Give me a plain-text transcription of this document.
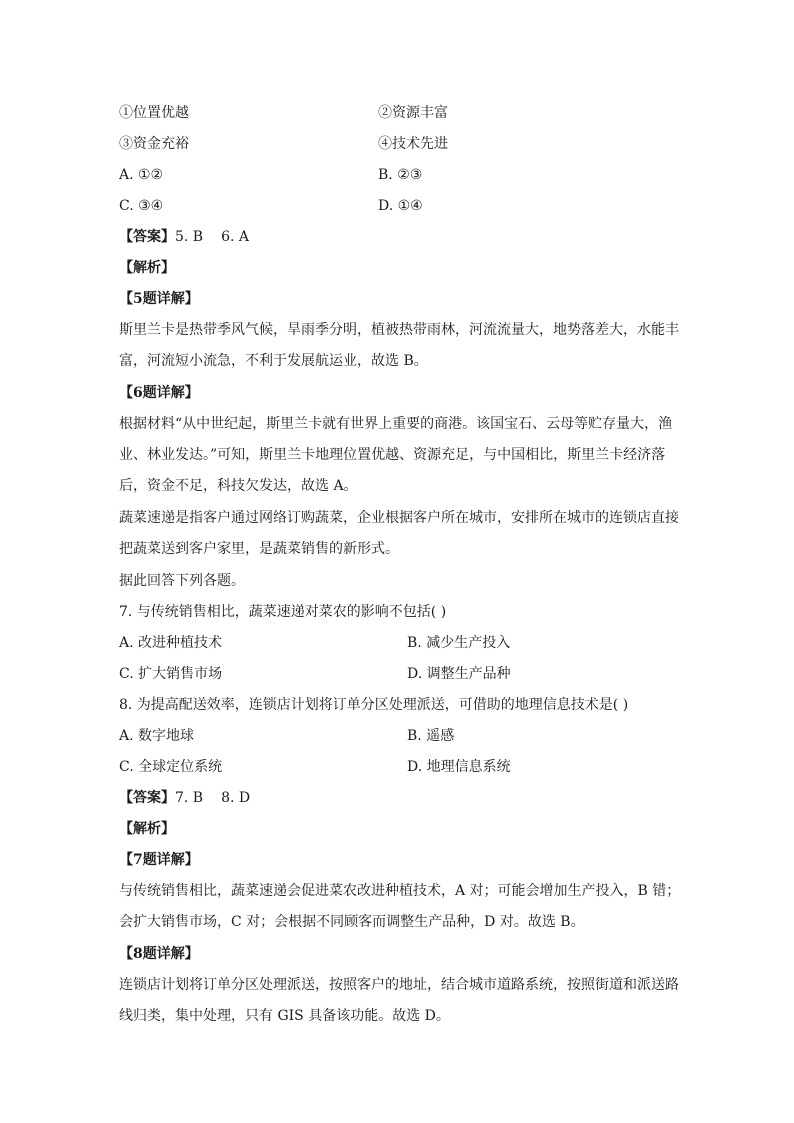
①位置优越	②资源丰富
③资金充裕	④技术先进
A. ①②	B. ②③
C. ③④	D. ①④
【答案】5. B 6. A
【解析】
【5题详解】
斯里兰卡是热带季风气候，旱雨季分明，植被热带雨林，河流流量大，地势落差大，水能丰
富，河流短小流急，不利于发展航运业，故选 B。
【6题详解】
根据材料“从中世纪起，斯里兰卡就有世界上重要的商港。该国宝石、云母等贮存量大，渔
业、林业发达。”可知，斯里兰卡地理位置优越、资源充足，与中国相比，斯里兰卡经济落
后，资金不足，科技欠发达，故选 A。
蔬菜速递是指客户通过网络订购蔬菜，企业根据客户所在城市，安排所在城市的连锁店直接
把蔬菜送到客户家里，是蔬菜销售的新形式。
据此回答下列各题。
7. 与传统销售相比，蔬菜速递对菜农的影响不包括( )
A. 改进种植技术	B. 减少生产投入
C. 扩大销售市场	D. 调整生产品种
8. 为提高配送效率，连锁店计划将订单分区处理派送，可借助的地理信息技术是( )
A. 数字地球	B. 遥感
C. 全球定位系统	D. 地理信息系统
【答案】7. B 8. D
【解析】
【7题详解】
与传统销售相比，蔬菜速递会促进菜农改进种植技术，A 对；可能会增加生产投入，B 错；
会扩大销售市场，C 对；会根据不同顾客而调整生产品种，D 对。故选 B。
【8题详解】
连锁店计划将订单分区处理派送，按照客户的地址，结合城市道路系统，按照街道和派送路
线归类，集中处理，只有 GIS 具备该功能。故选 D。
